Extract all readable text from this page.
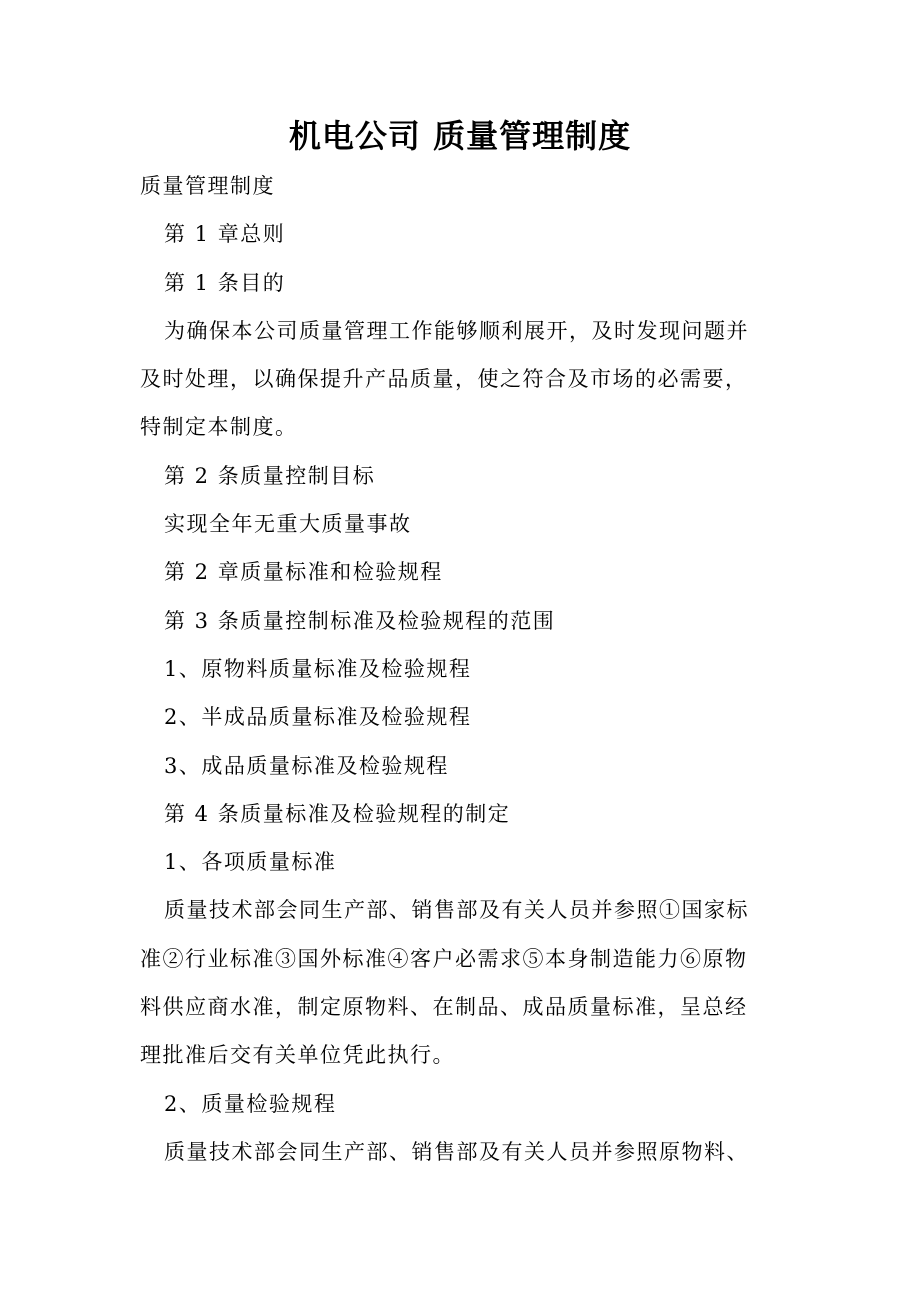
机电公司 质量管理制度
质量管理制度
第 1 章总则
第 1 条目的
为确保本公司质量管理工作能够顺利展开，及时发现问题并
及时处理，以确保提升产品质量，使之符合及市场的必需要，
特制定本制度。
第 2 条质量控制目标
实现全年无重大质量事故
第 2 章质量标准和检验规程
第 3 条质量控制标准及检验规程的范围
1、原物料质量标准及检验规程
2、半成品质量标准及检验规程
3、成品质量标准及检验规程
第 4 条质量标准及检验规程的制定
1、各项质量标准
质量技术部会同生产部、销售部及有关人员并参照①国家标
准②行业标准③国外标准④客户必需求⑤本身制造能力⑥原物
料供应商水准，制定原物料、在制品、成品质量标准，呈总经
理批准后交有关单位凭此执行。
2、质量检验规程
质量技术部会同生产部、销售部及有关人员并参照原物料、
